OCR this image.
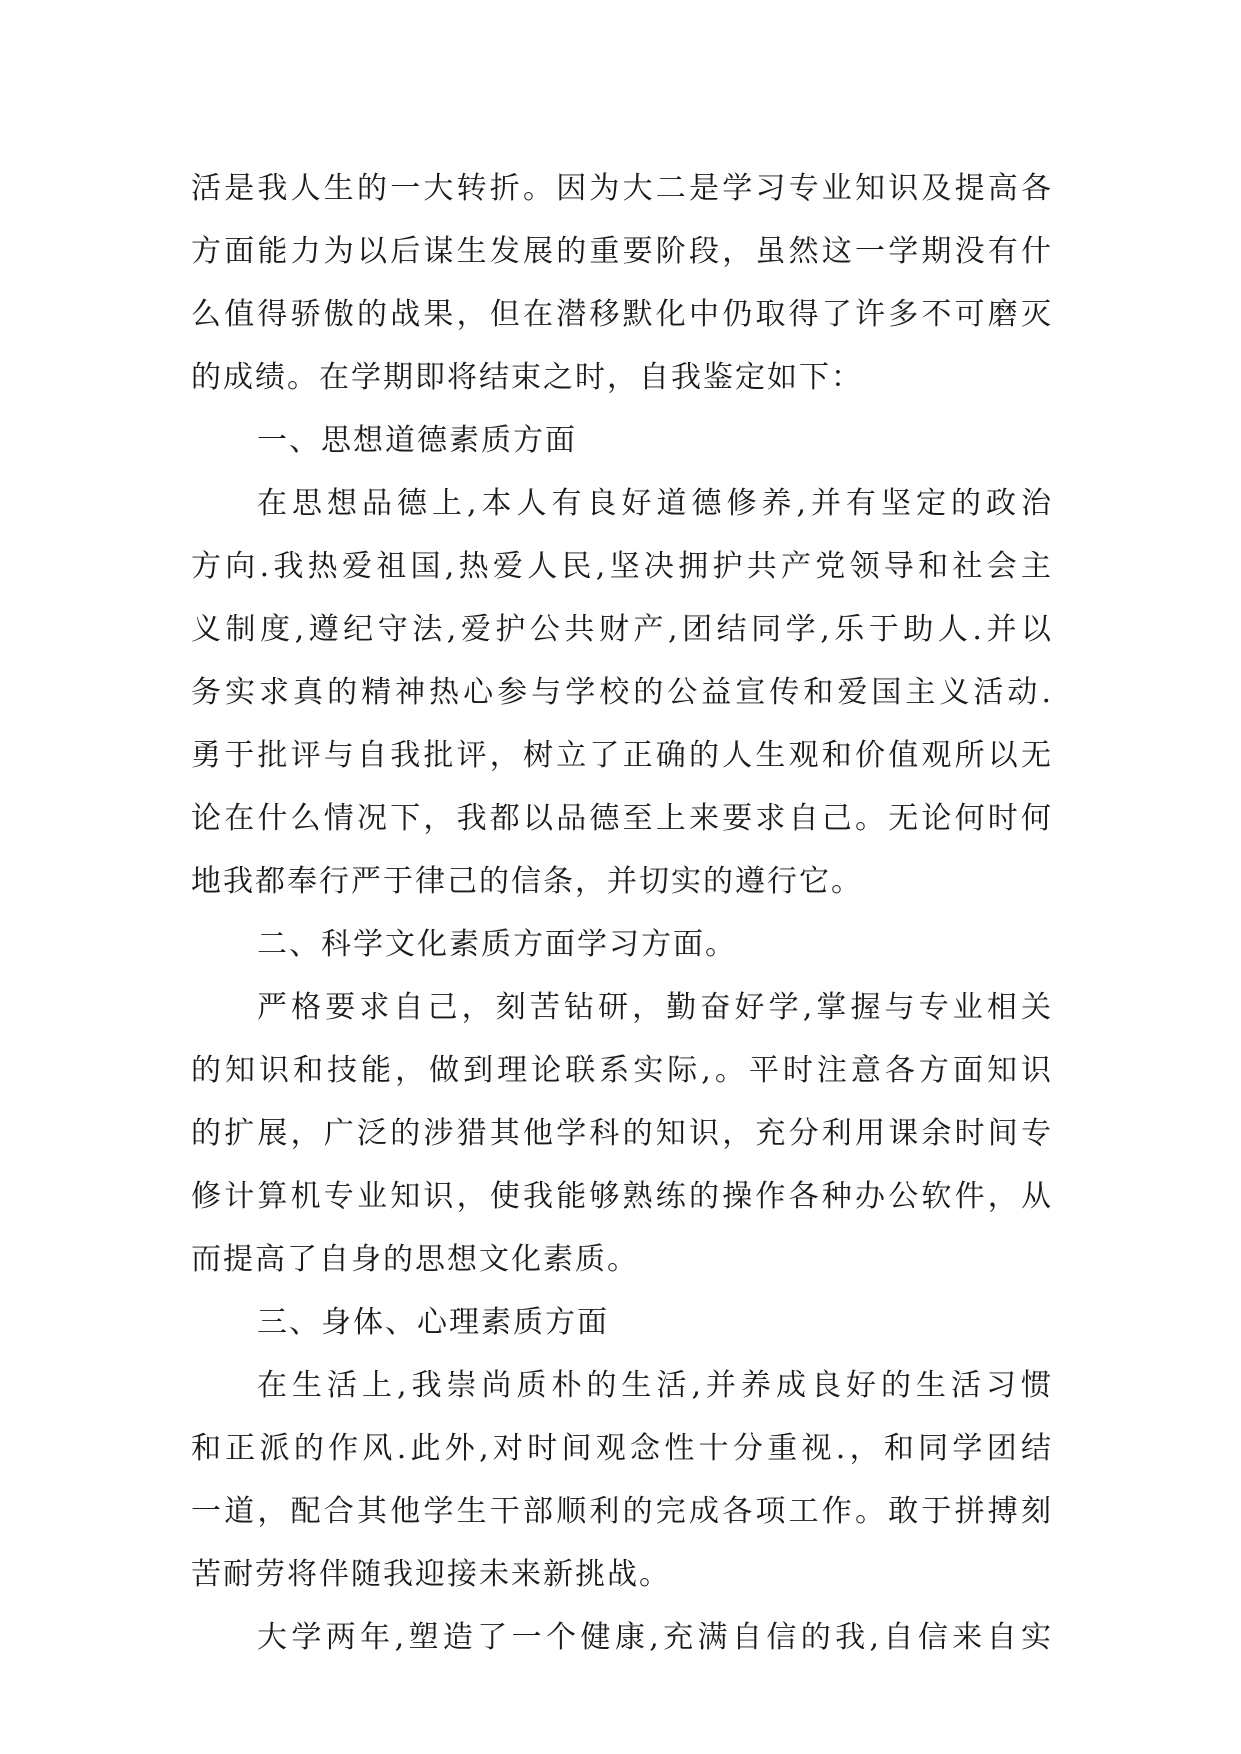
活是我人生的一大转折。因为大二是学习专业知识及提高各
方面能力为以后谋生发展的重要阶段，虽然这一学期没有什
么值得骄傲的战果，但在潜移默化中仍取得了许多不可磨灭
的成绩。在学期即将结束之时，自我鉴定如下：
一、思想道德素质方面
在思想品德上,本人有良好道德修养,并有坚定的政治
方向.我热爱祖国,热爱人民,坚决拥护共产党领导和社会主
义制度,遵纪守法,爱护公共财产,团结同学,乐于助人.并以
务实求真的精神热心参与学校的公益宣传和爱国主义活动.
勇于批评与自我批评，树立了正确的人生观和价值观所以无
论在什么情况下，我都以品德至上来要求自己。无论何时何
地我都奉行严于律己的信条，并切实的遵行它。
二、科学文化素质方面学习方面。
严格要求自己，刻苦钻研，勤奋好学,掌握与专业相关
的知识和技能，做到理论联系实际,。平时注意各方面知识
的扩展，广泛的涉猎其他学科的知识，充分利用课余时间专
修计算机专业知识，使我能够熟练的操作各种办公软件，从
而提高了自身的思想文化素质。
三、身体、心理素质方面
在生活上,我崇尚质朴的生活,并养成良好的生活习惯
和正派的作风.此外,对时间观念性十分重视.，和同学团结
一道，配合其他学生干部顺利的完成各项工作。敢于拼搏刻
苦耐劳将伴随我迎接未来新挑战。
大学两年,塑造了一个健康,充满自信的我,自信来自实
